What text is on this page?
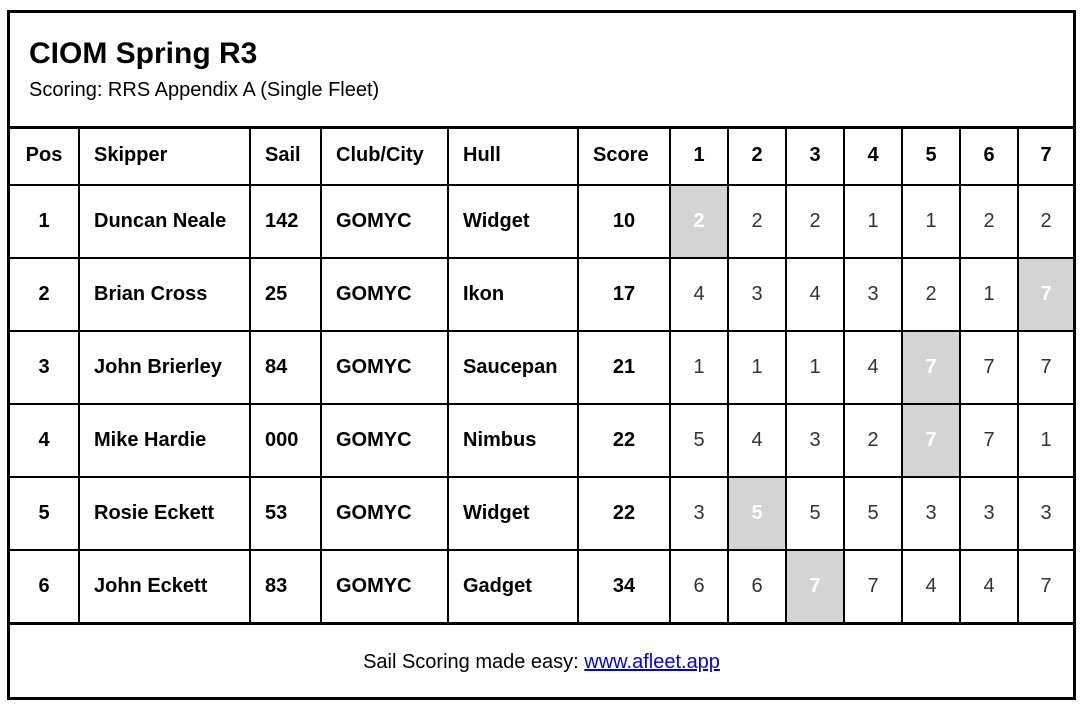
CIOM Spring R3
Scoring: RRS Appendix A (Single Fleet)
Pos	Skipper	Sail	Club/City	Hull	Score	1	2	3	4	5	6	7
1	Duncan Neale	142	GOMYC	Widget	10	2	2	2	1	1	2	2
2	Brian Cross	25	GOMYC	Ikon	17	4	3	4	3	2	1	7
3	John Brierley	84	GOMYC	Saucepan	21	1	1	1	4	7	7	7
4	Mike Hardie	000	GOMYC	Nimbus	22	5	4	3	2	7	7	1
5	Rosie Eckett	53	GOMYC	Widget	22	3	5	5	5	3	3	3
6	John Eckett	83	GOMYC	Gadget	34	6	6	7	7	4	4	7
Sail Scoring made easy: www.afleet.app
